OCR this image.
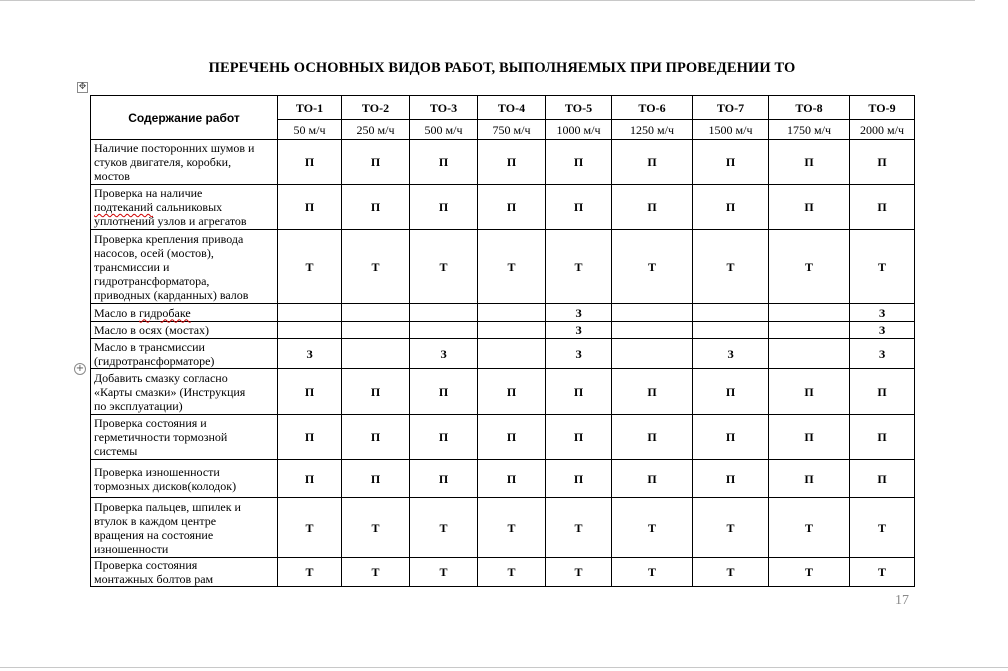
ПЕРЕЧЕНЬ ОСНОВНЫХ ВИДОВ РАБОТ, ВЫПОЛНЯЕМЫХ ПРИ ПРОВЕДЕНИИ ТО
✥
+
Содержание работ	ТО-1	ТО-2	ТО-3	ТО-4	ТО-5	ТО-6	ТО-7	ТО-8	ТО-9
	50 м/ч	250 м/ч	500 м/ч	750 м/ч	1000 м/ч	1250 м/ч	1500 м/ч	1750 м/ч	2000 м/ч

Наличие посторонних шумов и
стуков двигателя, коробки,
мостов	П	П	П	П	П	П	П	П	П

Проверка на наличие
подтеканий сальниковых
уплотнений узлов и агрегатов	П	П	П	П	П	П	П	П	П

Проверка крепления привода
насосов, осей (мостов),
трансмиссии и
гидротрансформатора,
приводных (карданных) валов	Т	Т	Т	Т	Т	Т	Т	Т	Т

Масло в гидробаке					З				З

Масло в осях (мостах)					З				З

Масло в трансмиссии
(гидротрансформаторе)	З		З		З		З		З

Добавить смазку согласно
«Карты смазки» (Инструкция
по эксплуатации)	П	П	П	П	П	П	П	П	П

Проверка состояния и
герметичности тормозной
системы	П	П	П	П	П	П	П	П	П

Проверка изношенности
тормозных дисков(колодок)	П	П	П	П	П	П	П	П	П

Проверка пальцев, шпилек и
втулок в каждом центре
вращения на состояние
изношенности	Т	Т	Т	Т	Т	Т	Т	Т	Т

Проверка состояния
монтажных болтов рам	Т	Т	Т	Т	Т	Т	Т	Т	Т
17
